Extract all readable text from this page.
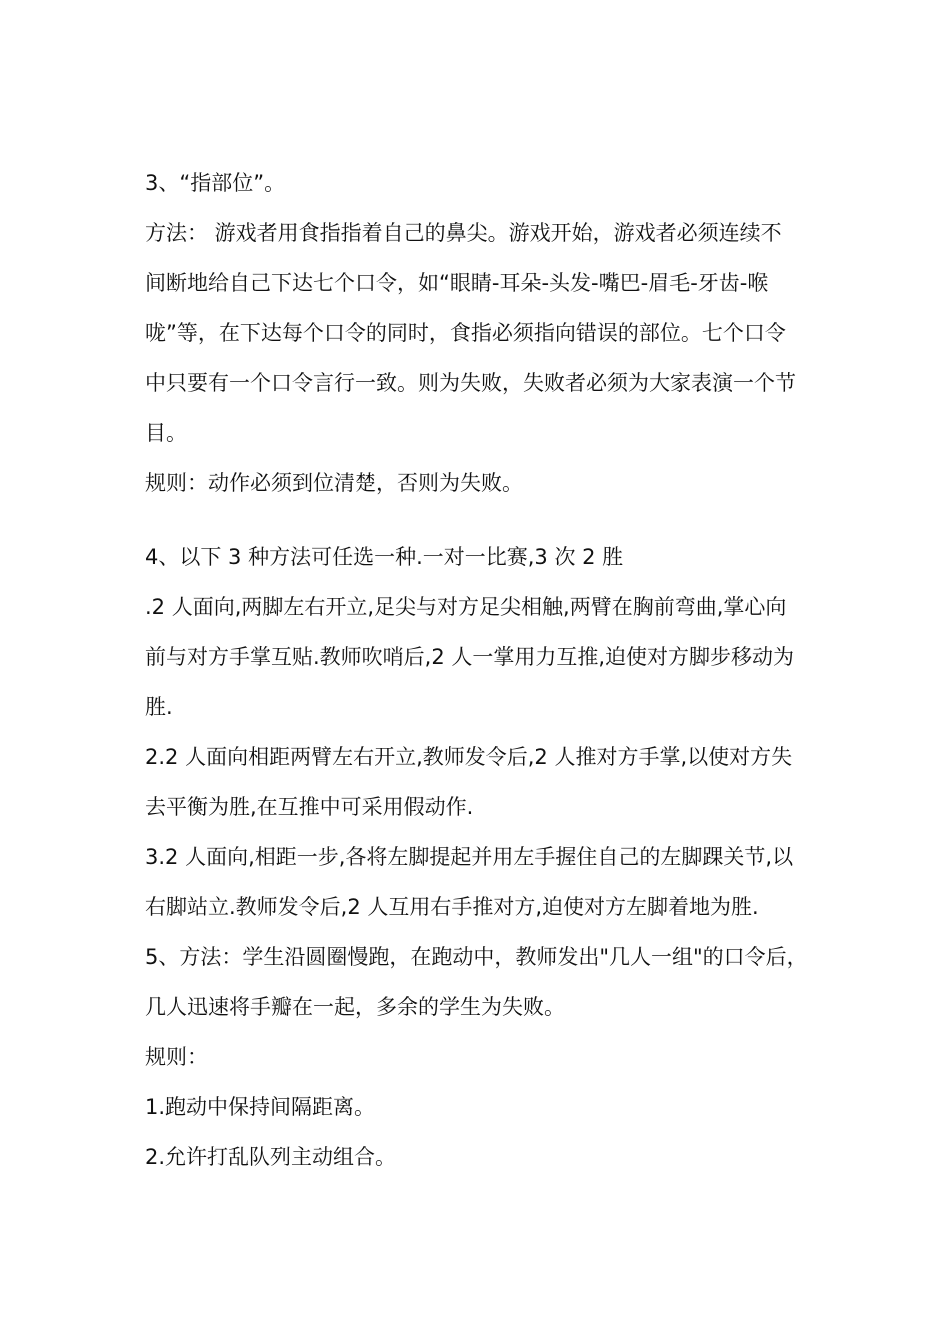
3、“指部位”。
方法： 游戏者用食指指着自己的鼻尖。游戏开始，游戏者必须连续不
间断地给自己下达七个口令，如“眼睛-耳朵-头发-嘴巴-眉毛-牙齿-喉
咙”等，在下达每个口令的同时，食指必须指向错误的部位。七个口令
中只要有一个口令言行一致。则为失败，失败者必须为大家表演一个节
目。
规则：动作必须到位清楚，否则为失败。
4、以下 3 种方法可任选一种.一对一比赛,3 次 2 胜
.2 人面向,两脚左右开立,足尖与对方足尖相触,两臂在胸前弯曲,掌心向
前与对方手掌互贴.教师吹哨后,2 人一掌用力互推,迫使对方脚步移动为
胜.
2.2 人面向相距两臂左右开立,教师发令后,2 人推对方手掌,以使对方失
去平衡为胜,在互推中可采用假动作.
3.2 人面向,相距一步,各将左脚提起并用左手握住自己的左脚踝关节,以
右脚站立.教师发令后,2 人互用右手推对方,迫使对方左脚着地为胜.
5、方法：学生沿圆圈慢跑，在跑动中，教师发出"几人一组"的口令后，
几人迅速将手瓣在一起，多余的学生为失败。
规则：
1.跑动中保持间隔距离。
2.允许打乱队列主动组合。
